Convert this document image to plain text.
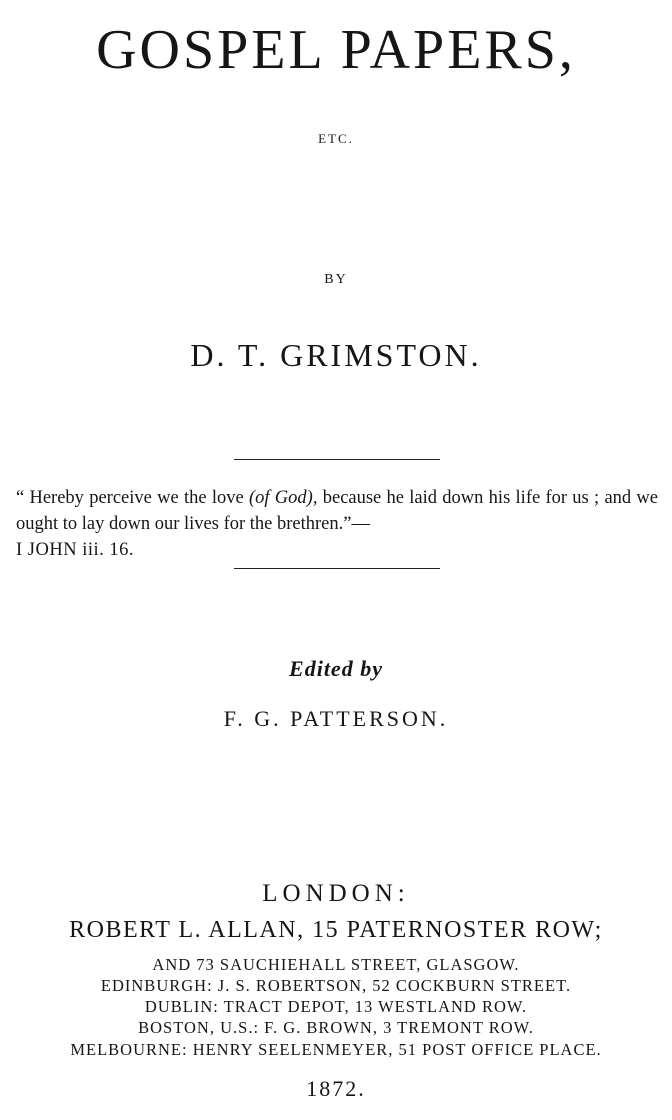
GOSPEL PAPERS,
ETC.
BY
D. T. GRIMSTON.
“ Hereby perceive we the love (of God), because he laid down his life for us ; and we ought to lay down our lives for the brethren.”—
I JOHN iii. 16.
Edited by
F. G. PATTERSON.
LONDON:
ROBERT L. ALLAN, 15 PATERNOSTER ROW;
AND 73 SAUCHIEHALL STREET, GLASGOW.
EDINBURGH: J. S. ROBERTSON, 52 COCKBURN STREET.
DUBLIN: TRACT DEPOT, 13 WESTLAND ROW.
BOSTON, U.S.: F. G. BROWN, 3 TREMONT ROW.
MELBOURNE: HENRY SEELENMEYER, 51 POST OFFICE PLACE.
1872.
